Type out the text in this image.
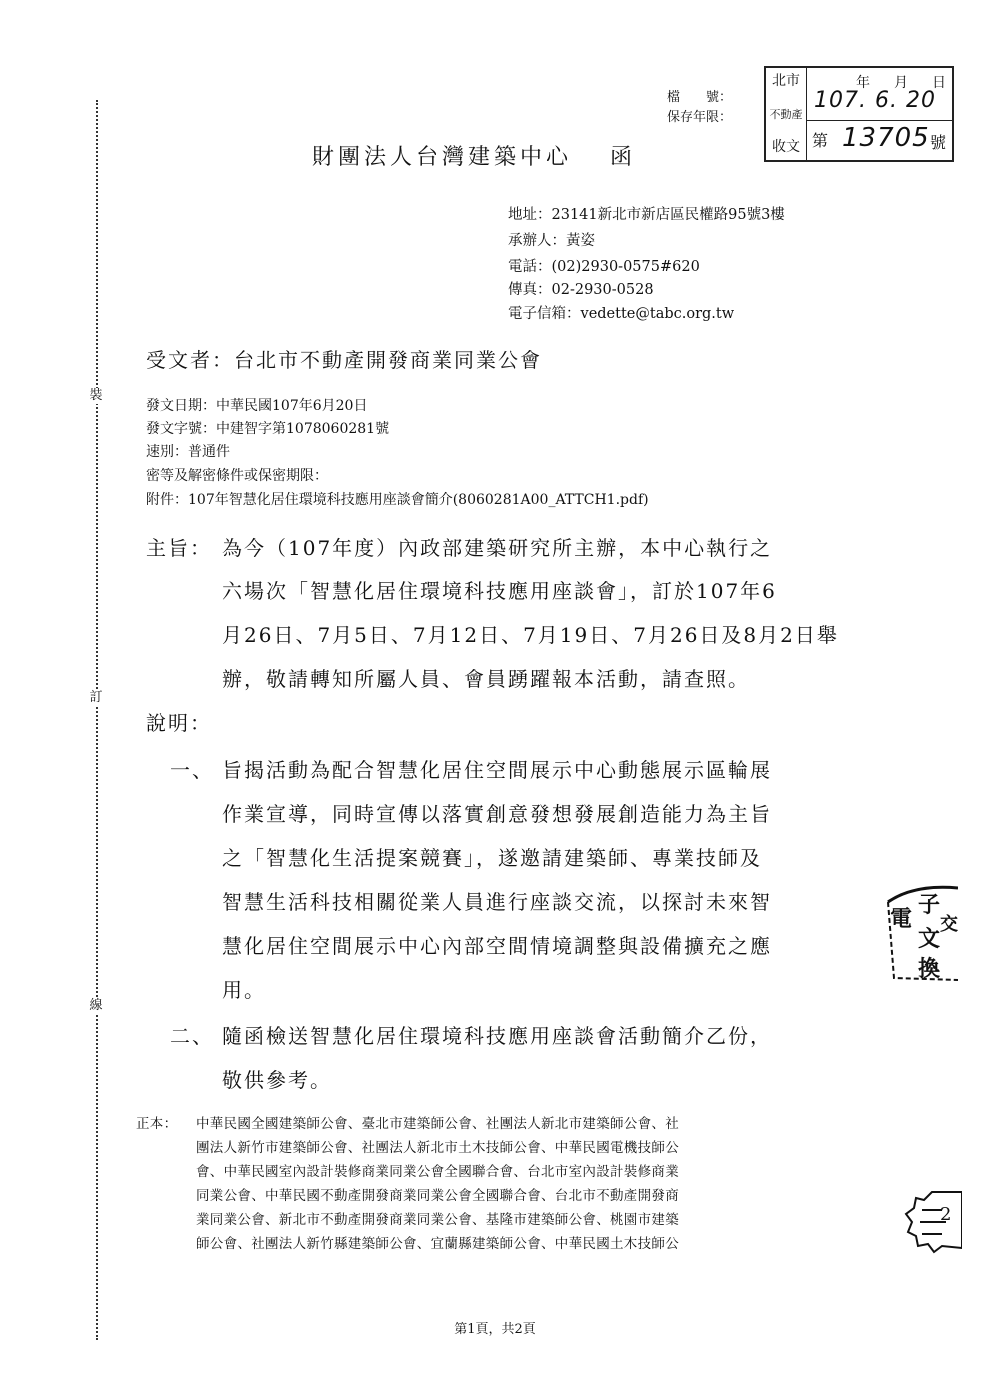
裝
訂
線
檔　　號：
保存年限：
北市
不動產
收文
年 月 日
107. 6. 20
第 13705 號
財團法人台灣建築中心 函
地址：23141新北市新店區民權路95號3樓
承辦人：黃姿
電話：(02)2930-0575#620
傳真：02-2930-0528
電子信箱：vedette@tabc.org.tw
受文者：台北市不動產開發商業同業公會
發文日期：中華民國107年6月20日
發文字號：中建智字第1078060281號
速別：普通件
密等及解密條件或保密期限：
附件：107年智慧化居住環境科技應用座談會簡介(8060281A00_ATTCH1.pdf)
主旨： 為今（107年度）內政部建築研究所主辦，本中心執行之
六場次「智慧化居住環境科技應用座談會」，訂於107年6
月26日、7月5日、7月12日、7月19日、7月26日及8月2日舉
辦，敬請轉知所屬人員、會員踴躍報本活動，請查照。
說明：
一、 旨揭活動為配合智慧化居住空間展示中心動態展示區輪展
作業宣導，同時宣傳以落實創意發想發展創造能力為主旨
之「智慧化生活提案競賽」，遂邀請建築師、專業技師及
智慧生活科技相關從業人員進行座談交流，以探討未來智
慧化居住空間展示中心內部空間情境調整與設備擴充之應
用。
二、 隨函檢送智慧化居住環境科技應用座談會活動簡介乙份，
敬供參考。
正本： 中華民國全國建築師公會、臺北市建築師公會、社團法人新北市建築師公會、社
團法人新竹市建築師公會、社團法人新北市土木技師公會、中華民國電機技師公
會、中華民國室內設計裝修商業同業公會全國聯合會、台北市室內設計裝修商業
同業公會、中華民國不動產開發商業同業公會全國聯合會、台北市不動產開發商
業同業公會、新北市不動產開發商業同業公會、基隆市建築師公會、桃園市建築
師公會、社團法人新竹縣建築師公會、宜蘭縣建築師公會、中華民國土木技師公
電
子
文
交
換
2
第1頁，共2頁
